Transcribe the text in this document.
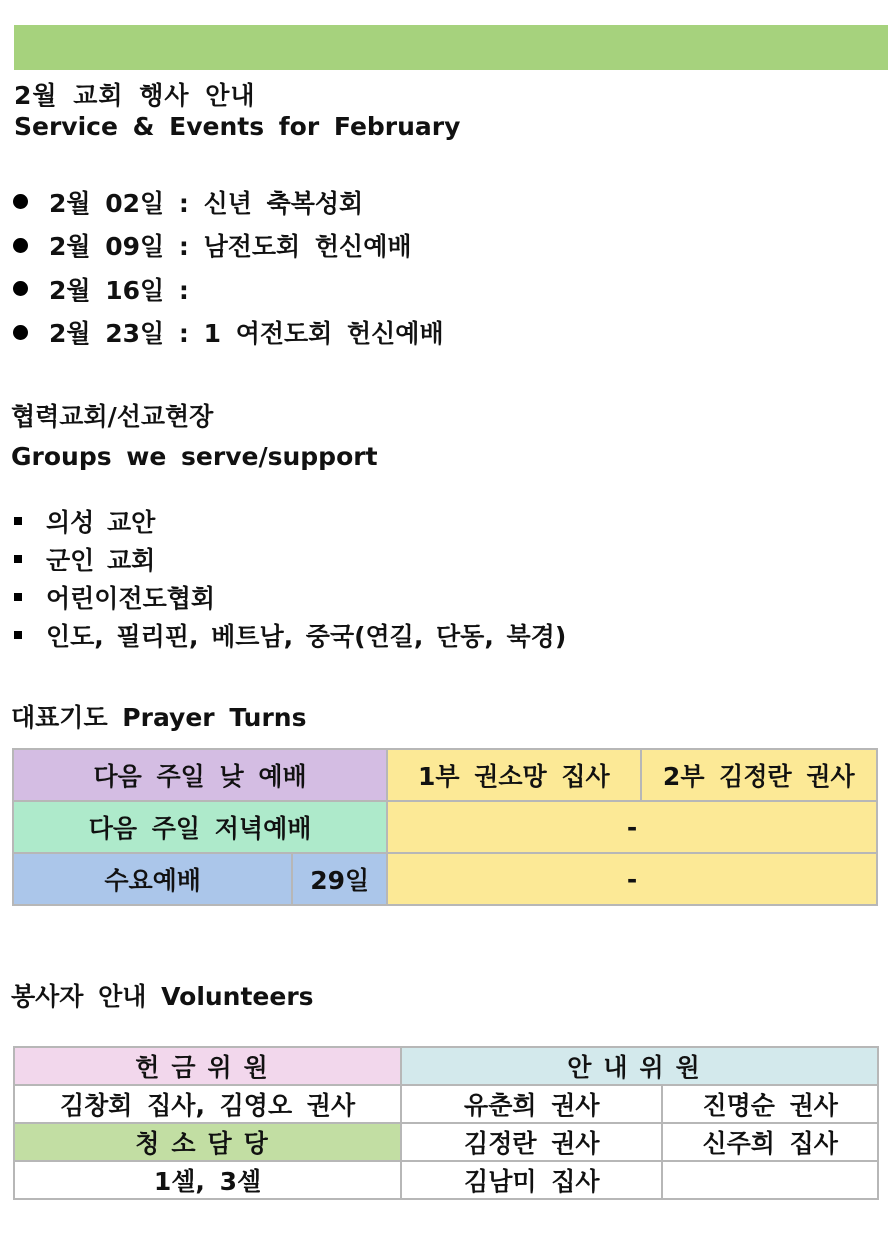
2월 교회 행사 안내
Service & Events for February
2월 02일 : 신년 축복성회
2월 09일 : 남전도회 헌신예배
2월 16일 :
2월 23일 : 1 여전도회 헌신예배
협력교회/선교현장
Groups we serve/support
의성 교안
군인 교회
어린이전도협회
인도, 필리핀, 베트남, 중국(연길, 단동, 북경)
대표기도 Prayer Turns
다음 주일 낮 예배		1부 권소망 집사	2부 김정란 권사
다음 주일 저녁예배		-	
수요예배	29일	-	
봉사자 안내 Volunteers
헌금위원	안내위원	
김창회 집사, 김영오 권사	유춘희 권사	진명순 권사
청소담당	김정란 권사	신주희 집사
1셀, 3셀	김남미 집사	
